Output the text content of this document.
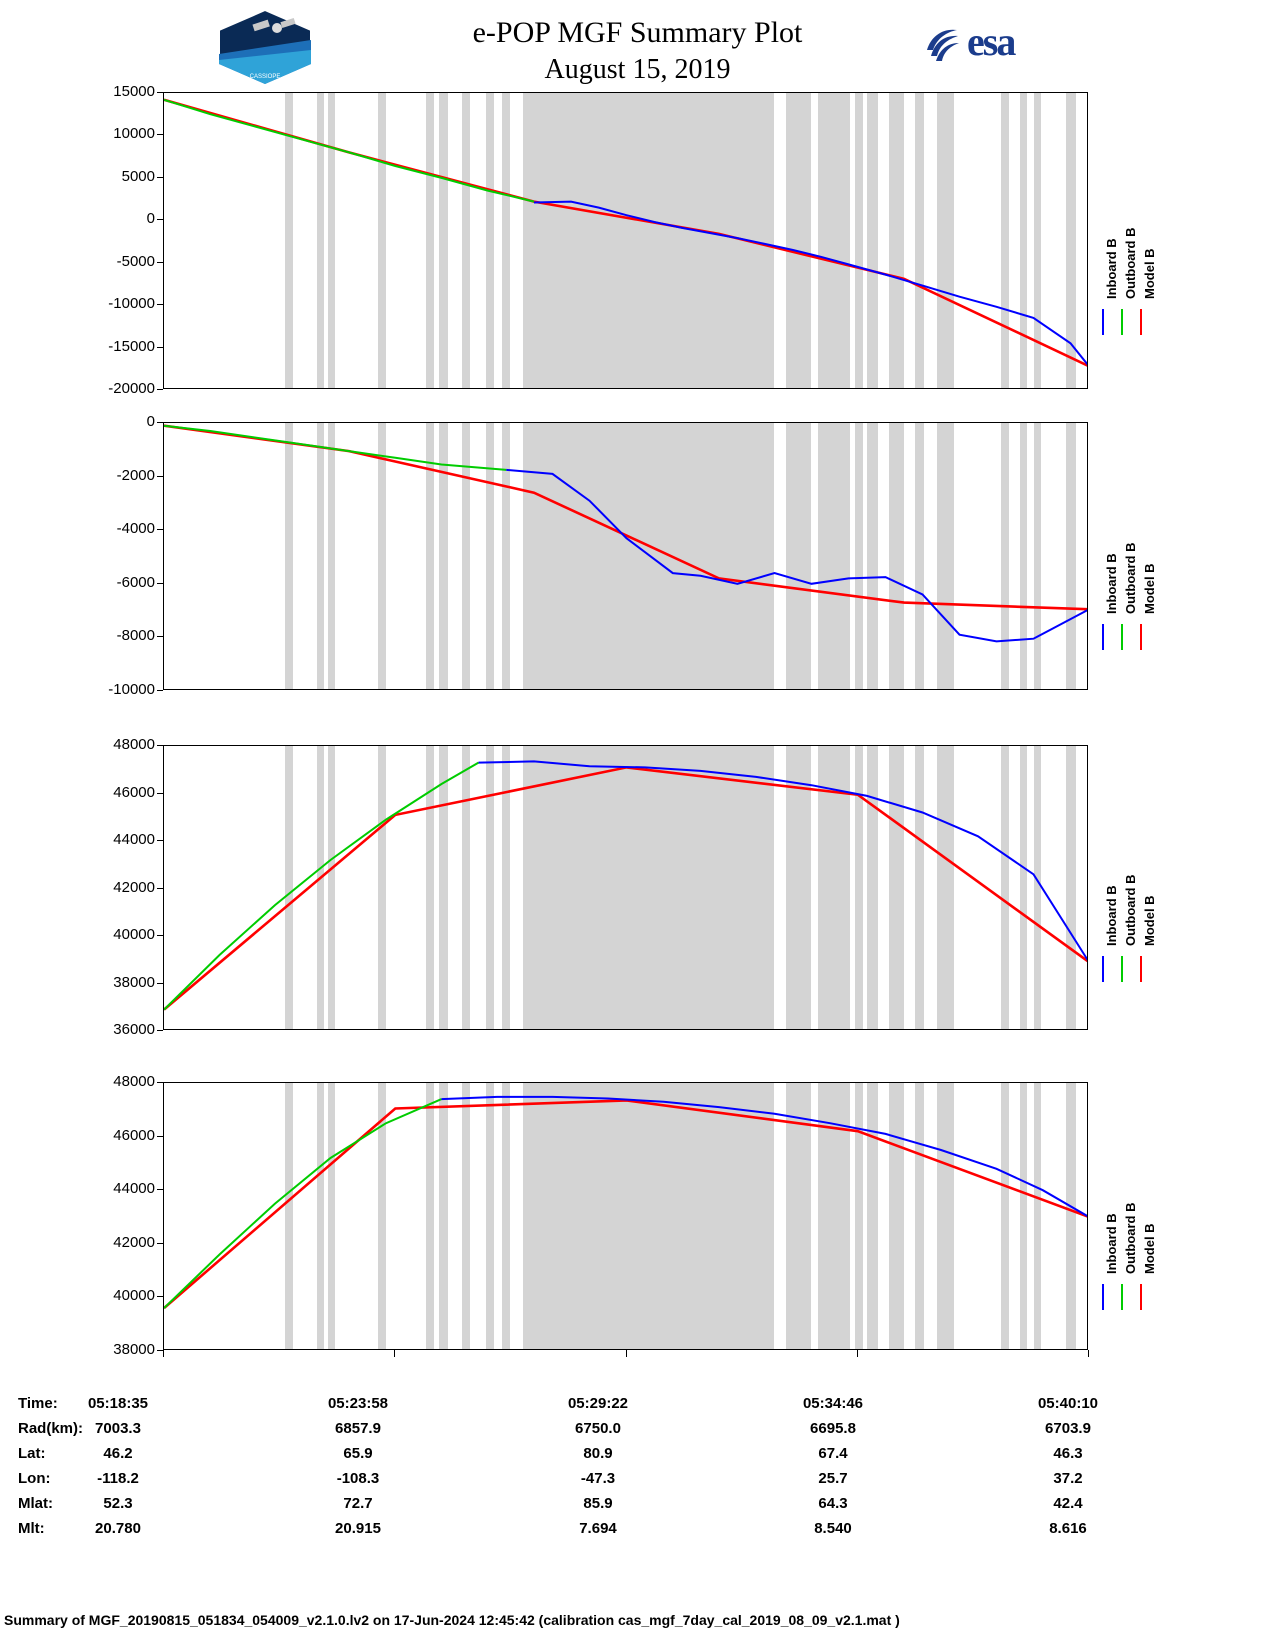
e-POP MGF Summary Plot
August 15, 2019
CASSIOPE
esa
Time:	05:18:35	05:23:58	05:29:22	05:34:46	05:40:10
Rad(km): 7003.3	6857.9	6750.0	6695.8	6703.9
Lat:	46.2	65.9	80.9	67.4	46.3
Lon:	-118.2	-108.3	-47.3	25.7	37.2
Mlat:	52.3	72.7	85.9	64.3	42.4
Mlt:	20.780	20.915	7.694	8.540	8.616
Summary of MGF_20190815_051834_054009_v2.1.0.lv2 on 17-Jun-2024 12:45:42 (calibration cas_mgf_7day_cal_2019_08_09_v2.1.mat )
15000
10000
5000
0
-5000
-10000
-15000
-20000
Inboard B Outboard B Model B
0
-2000
-4000
-6000
-8000
-10000
Inboard B Outboard B Model B
48000
46000
44000
42000
40000
38000
36000
Inboard B Outboard B Model B
48000
46000
44000
42000
40000
38000
Inboard B Outboard B Model B
